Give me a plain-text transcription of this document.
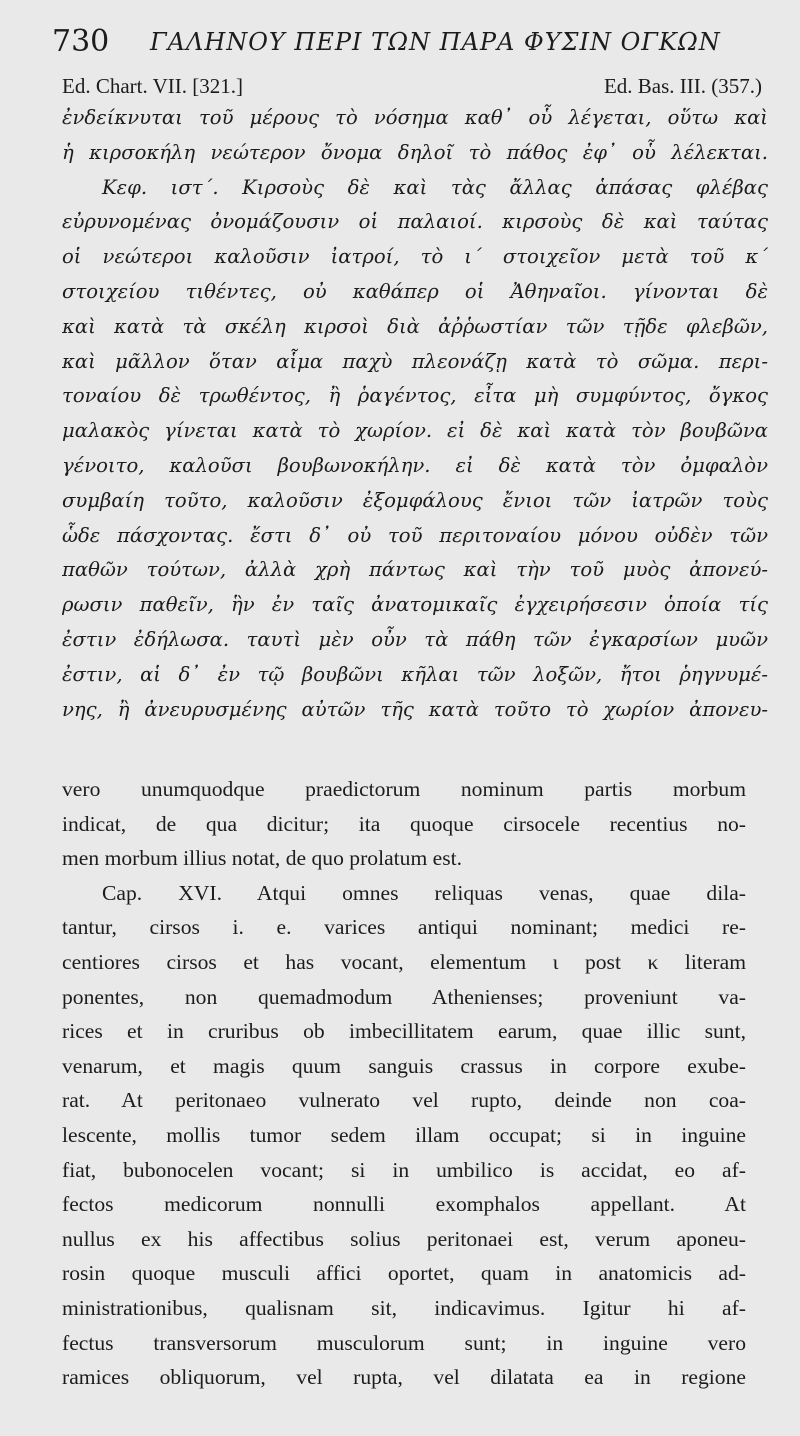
730 ΓΑΛΗΝΟΥ ΠΕΡΙ ΤΩΝ ΠΑΡΑ ΦΥΣΙΝ ΟΓΚΩΝ
Ed. Chart. VII. [321.]	Ed. Bas. III. (357.)
ἐνδείκνυται τοῦ μέρους τὸ νόσημα καθ᾽ οὗ λέγεται, οὕτω καὶ
ἡ κιρσοκήλη νεώτερον ὄνομα δηλοῖ τὸ πάθος ἐφ᾽ οὗ λέλεκται.
Κεφ. ιστ΄. Κιρσοὺς δὲ καὶ τὰς ἄλλας ἁπάσας φλέβας
εὐρυνομένας ὀνομάζουσιν οἱ παλαιοί. κιρσοὺς δὲ καὶ ταύτας
οἱ νεώτεροι καλοῦσιν ἰατροί, τὸ ι΄ στοιχεῖον μετὰ τοῦ κ΄
στοιχείου τιθέντες, οὐ καθάπερ οἱ Ἀθηναῖοι. γίνονται δὲ
καὶ κατὰ τὰ σκέλη κιρσοὶ διὰ ἀῤῥωστίαν τῶν τῇδε φλεβῶν,
καὶ μᾶλλον ὅταν αἷμα παχὺ πλεονάζῃ κατὰ τὸ σῶμα. περι-
τοναίου δὲ τρωθέντος, ἢ ῥαγέντος, εἶτα μὴ συμφύντος, ὄγκος
μαλακὸς γίνεται κατὰ τὸ χωρίον. εἰ δὲ καὶ κατὰ τὸν βουβῶνα
γένοιτο, καλοῦσι βουβωνοκήλην. εἰ δὲ κατὰ τὸν ὀμφαλὸν
συμβαίη τοῦτο, καλοῦσιν ἐξομφάλους ἔνιοι τῶν ἰατρῶν τοὺς
ὧδε πάσχοντας. ἔστι δ᾽ οὐ τοῦ περιτοναίου μόνου οὐδὲν τῶν
παθῶν τούτων, ἀλλὰ χρὴ πάντως καὶ τὴν τοῦ μυὸς ἀπονεύ-
ρωσιν παθεῖν, ἣν ἐν ταῖς ἀνατομικαῖς ἐγχειρήσεσιν ὁποία τίς
ἐστιν ἐδήλωσα. ταυτὶ μὲν οὖν τὰ πάθη τῶν ἐγκαρσίων μυῶν
ἐστιν, αἱ δ᾽ ἐν τῷ βουβῶνι κῆλαι τῶν λοξῶν, ἤτοι ῥηγνυμέ-
νης, ἢ ἀνευρυσμένης αὐτῶν τῆς κατὰ τοῦτο τὸ χωρίον ἀπονευ-
vero unumquodque praedictorum nominum partis morbum
indicat, de qua dicitur; ita quoque cirsocele recentius no-
men morbum illius notat, de quo prolatum est.
Cap. XVI. Atqui omnes reliquas venas, quae dila-
tantur, cirsos i. e. varices antiqui nominant; medici re-
centiores cirsos et has vocant, elementum ι post κ literam
ponentes, non quemadmodum Athenienses; proveniunt va-
rices et in cruribus ob imbecillitatem earum, quae illic sunt,
venarum, et magis quum sanguis crassus in corpore exube-
rat. At peritonaeo vulnerato vel rupto, deinde non coa-
lescente, mollis tumor sedem illam occupat; si in inguine
fiat, bubonocelen vocant; si in umbilico is accidat, eo af-
fectos medicorum nonnulli exomphalos appellant. At
nullus ex his affectibus solius peritonaei est, verum aponeu-
rosin quoque musculi affici oportet, quam in anatomicis ad-
ministrationibus, qualisnam sit, indicavimus. Igitur hi af-
fectus transversorum musculorum sunt; in inguine vero
ramices obliquorum, vel rupta, vel dilatata ea in regione
